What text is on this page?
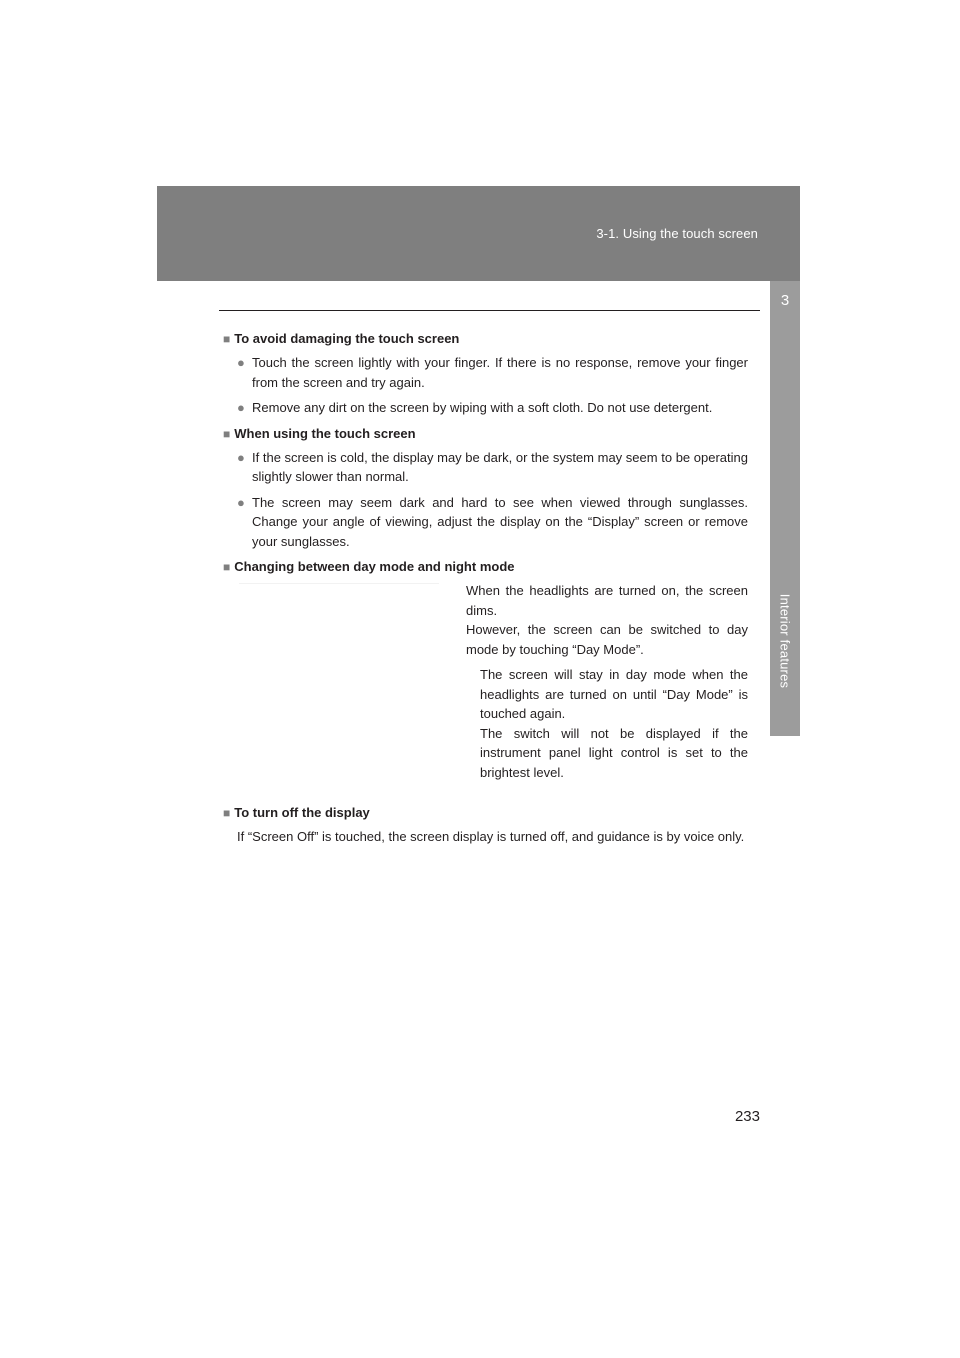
3-1. Using the touch screen
3
Interior features
■ To avoid damaging the touch screen
● Touch the screen lightly with your finger. If there is no response, remove your finger from the screen and try again.
● Remove any dirt on the screen by wiping with a soft cloth. Do not use detergent.
■ When using the touch screen
● If the screen is cold, the display may be dark, or the system may seem to be operating slightly slower than normal.
● The screen may seem dark and hard to see when viewed through sunglasses. Change your angle of viewing, adjust the display on the “Display” screen or remove your sunglasses.
■ Changing between day mode and night mode
When the headlights are turned on, the screen dims.
However, the screen can be switched to day mode by touching “Day Mode”.
The screen will stay in day mode when the headlights are turned on until “Day Mode” is touched again.
The switch will not be displayed if the instrument panel light control is set to the brightest level.
■ To turn off the display
If “Screen Off” is touched, the screen display is turned off, and guidance is by voice only.
233
